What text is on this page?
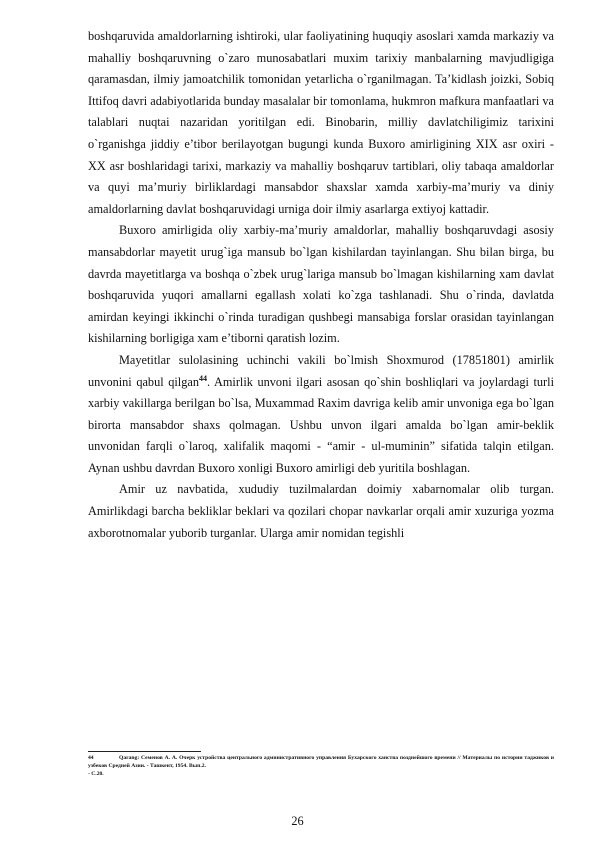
boshqaruvida amaldorlarning ishtiroki, ular faoliyatining huquqiy asoslari xamda markaziy va mahalliy boshqaruvning o`zaro munosabatlari muxim tarixiy manbalarning mavjudligiga qaramasdan, ilmiy jamoatchilik tomonidan yetarlicha o`rganilmagan. Ta’kidlash joizki, Sobiq Ittifoq davri adabiyotlarida bunday masalalar bir tomonlama, hukmron mafkura manfaatlari va talablari nuqtai nazaridan yoritilgan edi. Binobarin, milliy davlatchiligimiz tarixini o`rganishga jiddiy e’tibor berilayotgan bugungi kunda Buxoro amirligining XIX asr oxiri - XX asr boshlaridagi tarixi, markaziy va mahalliy boshqaruv tartiblari, oliy tabaqa amaldorlar va quyi ma’muriy birliklardagi mansabdor shaxslar xamda xarbiy-ma’muriy va diniy amaldorlarning davlat boshqaruvidagi urniga doir ilmiy asarlarga extiyoj kattadir.

Buxoro amirligida oliy xarbiy-ma’muriy amaldorlar, mahalliy boshqaruvdagi asosiy mansabdorlar mayetit urug`iga mansub bo`lgan kishilardan tayinlangan. Shu bilan birga, bu davrda mayetitlarga va boshqa o`zbek urug`lariga mansub bo`lmagan kishilarning xam davlat boshqaruvida yuqori amallarni egallash xolati ko`zga tashlanadi. Shu o`rinda, davlatda amirdan keyingi ikkinchi o`rinda turadigan qushbegi mansabiga forslar orasidan tayinlangan kishilarning borligiga xam e’tiborni qaratish lozim.

Mayetitlar sulolasining uchinchi vakili bo`lmish Shoxmurod (17851801) amirlik unvonini qabul qilgan$^{44}$. Amirlik unvoni ilgari asosan qo`shin boshliqlari va joylardagi turli xarbiy vakillarga berilgan bo`lsa, Muxammad Raxim davriga kelib amir unvoniga ega bo`lgan birorta mansabdor shaxs qolmagan. Ushbu unvon ilgari amalda bo`lgan amir-beklik unvonidan farqli o`laroq, xalifalik maqomi - “amir - ul-muminin” sifatida talqin etilgan. Aynan ushbu davrdan Buxoro xonligi Buxoro amirligi deb yuritila boshlagan.

Amir uz navbatida, xududiy tuzilmalardan doimiy xabarnomalar olib turgan. Amirlikdagi barcha bekliklar beklari va qozilari chopar navkarlar orqali amir xuzuriga yozma axborotnomalar yuborib turganlar. Ularga amir nomidan tegishli

44	Qarang: Семенов А. А. Очерк устройства центрального административного управления Бухарского ханства позднейшого времени // Материалы по истории таджиков и узбеков Средней Азии. - Ташкент, 1954. Вып.2.
- С.20.
26
